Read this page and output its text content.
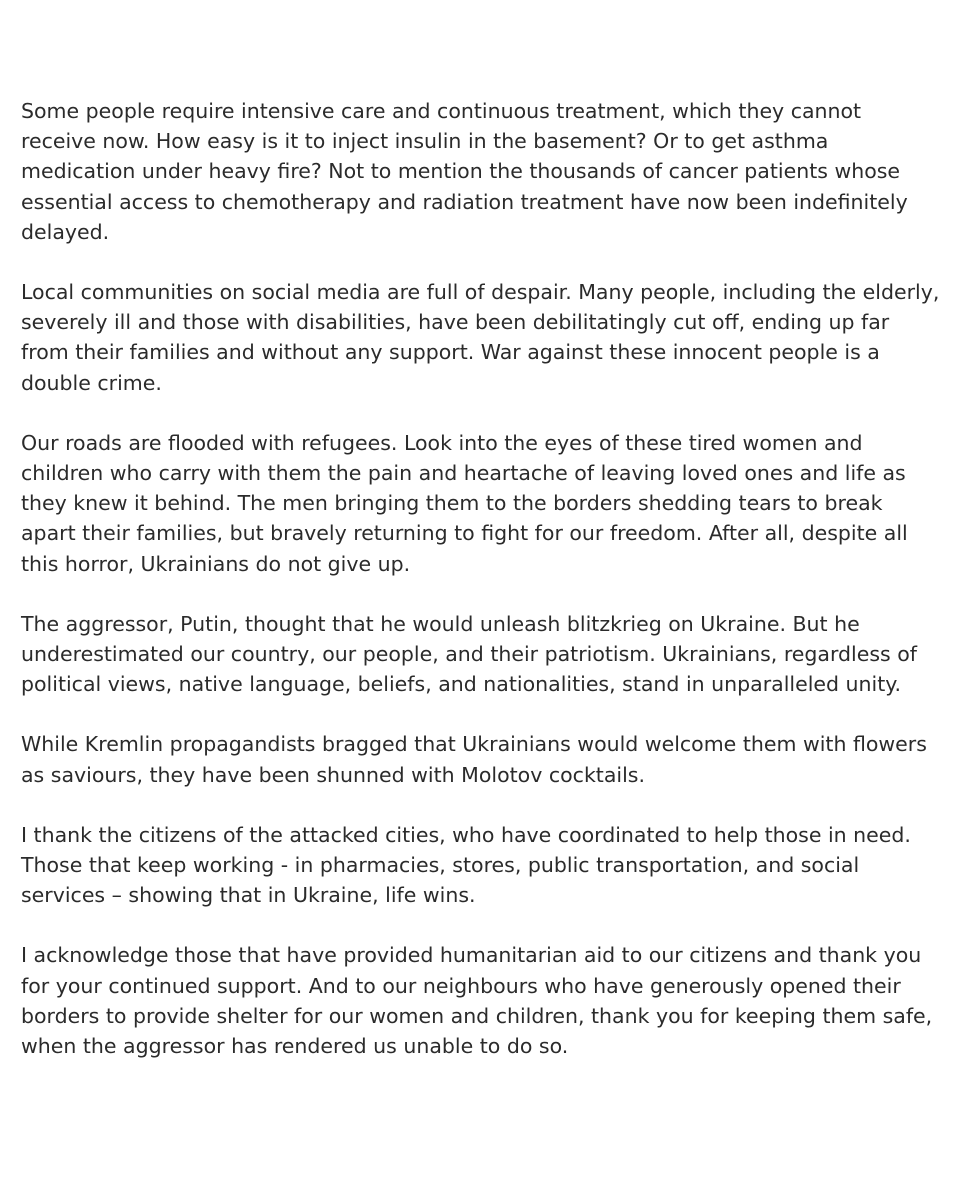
Some people require intensive care and continuous treatment, which they cannot receive now. How easy is it to inject insulin in the basement? Or to get asthma medication under heavy fire? Not to mention the thousands of cancer patients whose essential access to chemotherapy and radiation treatment have now been indefinitely delayed.

Local communities on social media are full of despair. Many people, including the elderly, severely ill and those with disabilities, have been debilitatingly cut off, ending up far from their families and without any support. War against these innocent people is a double crime.

Our roads are flooded with refugees. Look into the eyes of these tired women and children who carry with them the pain and heartache of leaving loved ones and life as they knew it behind. The men bringing them to the borders shedding tears to break apart their families, but bravely returning to fight for our freedom. After all, despite all this horror, Ukrainians do not give up.

The aggressor, Putin, thought that he would unleash blitzkrieg on Ukraine. But he underestimated our country, our people, and their patriotism. Ukrainians, regardless of political views, native language, beliefs, and nationalities, stand in unparalleled unity.

While Kremlin propagandists bragged that Ukrainians would welcome them with flowers as saviours, they have been shunned with Molotov cocktails.

I thank the citizens of the attacked cities, who have coordinated to help those in need. Those that keep working - in pharmacies, stores, public transportation, and social services – showing that in Ukraine, life wins.

I acknowledge those that have provided humanitarian aid to our citizens and thank you for your continued support. And to our neighbours who have generously opened their borders to provide shelter for our women and children, thank you for keeping them safe, when the aggressor has rendered us unable to do so.
